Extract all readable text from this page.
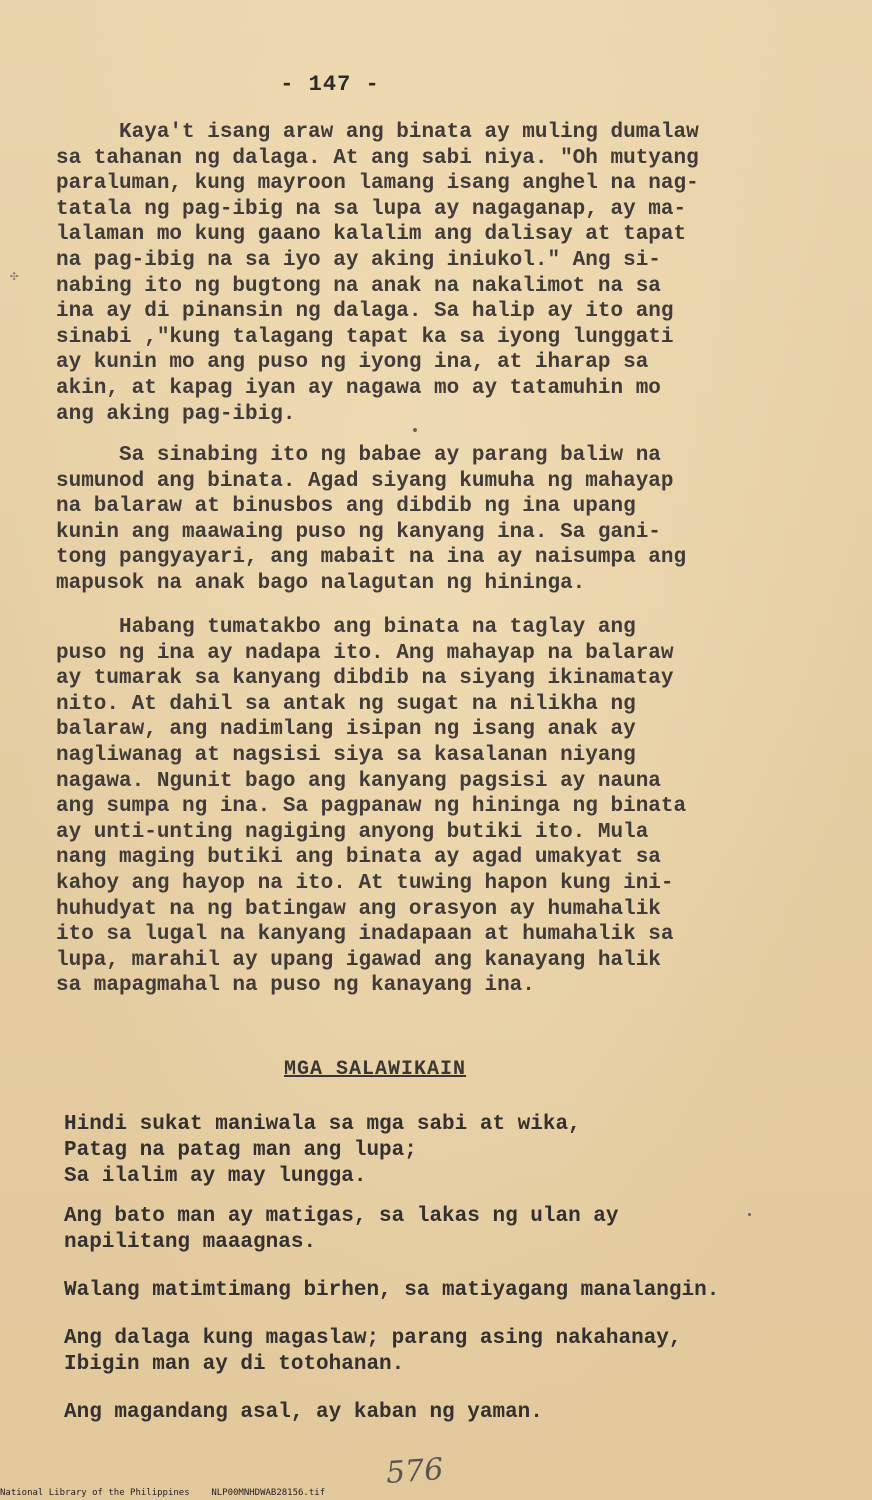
- 147 -

Kaya't isang araw ang binata ay muling dumalaw
sa tahanan ng dalaga. At ang sabi niya. "Oh mutyang
paraluman, kung mayroon lamang isang anghel na nag-
tatala ng pag-ibig na sa lupa ay nagaganap, ay ma-
lalaman mo kung gaano kalalim ang dalisay at tapat
na pag-ibig na sa iyo ay aking iniukol." Ang si-
nabing ito ng bugtong na anak na nakalimot na sa
ina ay di pinansin ng dalaga. Sa halip ay ito ang
sinabi ,"kung talagang tapat ka sa iyong lunggati
ay kunin mo ang puso ng iyong ina, at iharap sa
akin, at kapag iyan ay nagawa mo ay tatamuhin mo
ang aking pag-ibig.

Sa sinabing ito ng babae ay parang baliw na
sumunod ang binata. Agad siyang kumuha ng mahayap
na balaraw at binusbos ang dibdib ng ina upang
kunin ang maawaing puso ng kanyang ina. Sa gani-
tong pangyayari, ang mabait na ina ay naisumpa ang
mapusok na anak bago nalagutan ng hininga.

Habang tumatakbo ang binata na taglay ang
puso ng ina ay nadapa ito. Ang mahayap na balaraw
ay tumarak sa kanyang dibdib na siyang ikinamatay
nito. At dahil sa antak ng sugat na nilikha ng
balaraw, ang nadimlang isipan ng isang anak ay
nagliwanag at nagsisi siya sa kasalanan niyang
nagawa. Ngunit bago ang kanyang pagsisi ay nauna
ang sumpa ng ina. Sa pagpanaw ng hininga ng binata
ay unti-unting nagiging anyong butiki ito. Mula
nang maging butiki ang binata ay agad umakyat sa
kahoy ang hayop na ito. At tuwing hapon kung ini-
huhudyat na ng batingaw ang orasyon ay humahalik
ito sa lugal na kanyang inadapaan at humahalik sa
lupa, marahil ay upang igawad ang kanayang halik
sa mapagmahal na puso ng kanayang ina.

MGA SALAWIKAIN

Hindi sukat maniwala sa mga sabi at wika,
Patag na patag man ang lupa;
Sa ilalim ay may lungga.

Ang bato man ay matigas, sa lakas ng ulan ay
napilitang maaagnas.

Walang matimtimang birhen, sa matiyagang manalangin.

Ang dalaga kung magaslaw; parang asing nakahanay,
Ibigin man ay di totohanan.

Ang magandang asal, ay kaban ng yaman.

✣
576
National Library of the Philippines    NLP00MNHDWAB28156.tif
